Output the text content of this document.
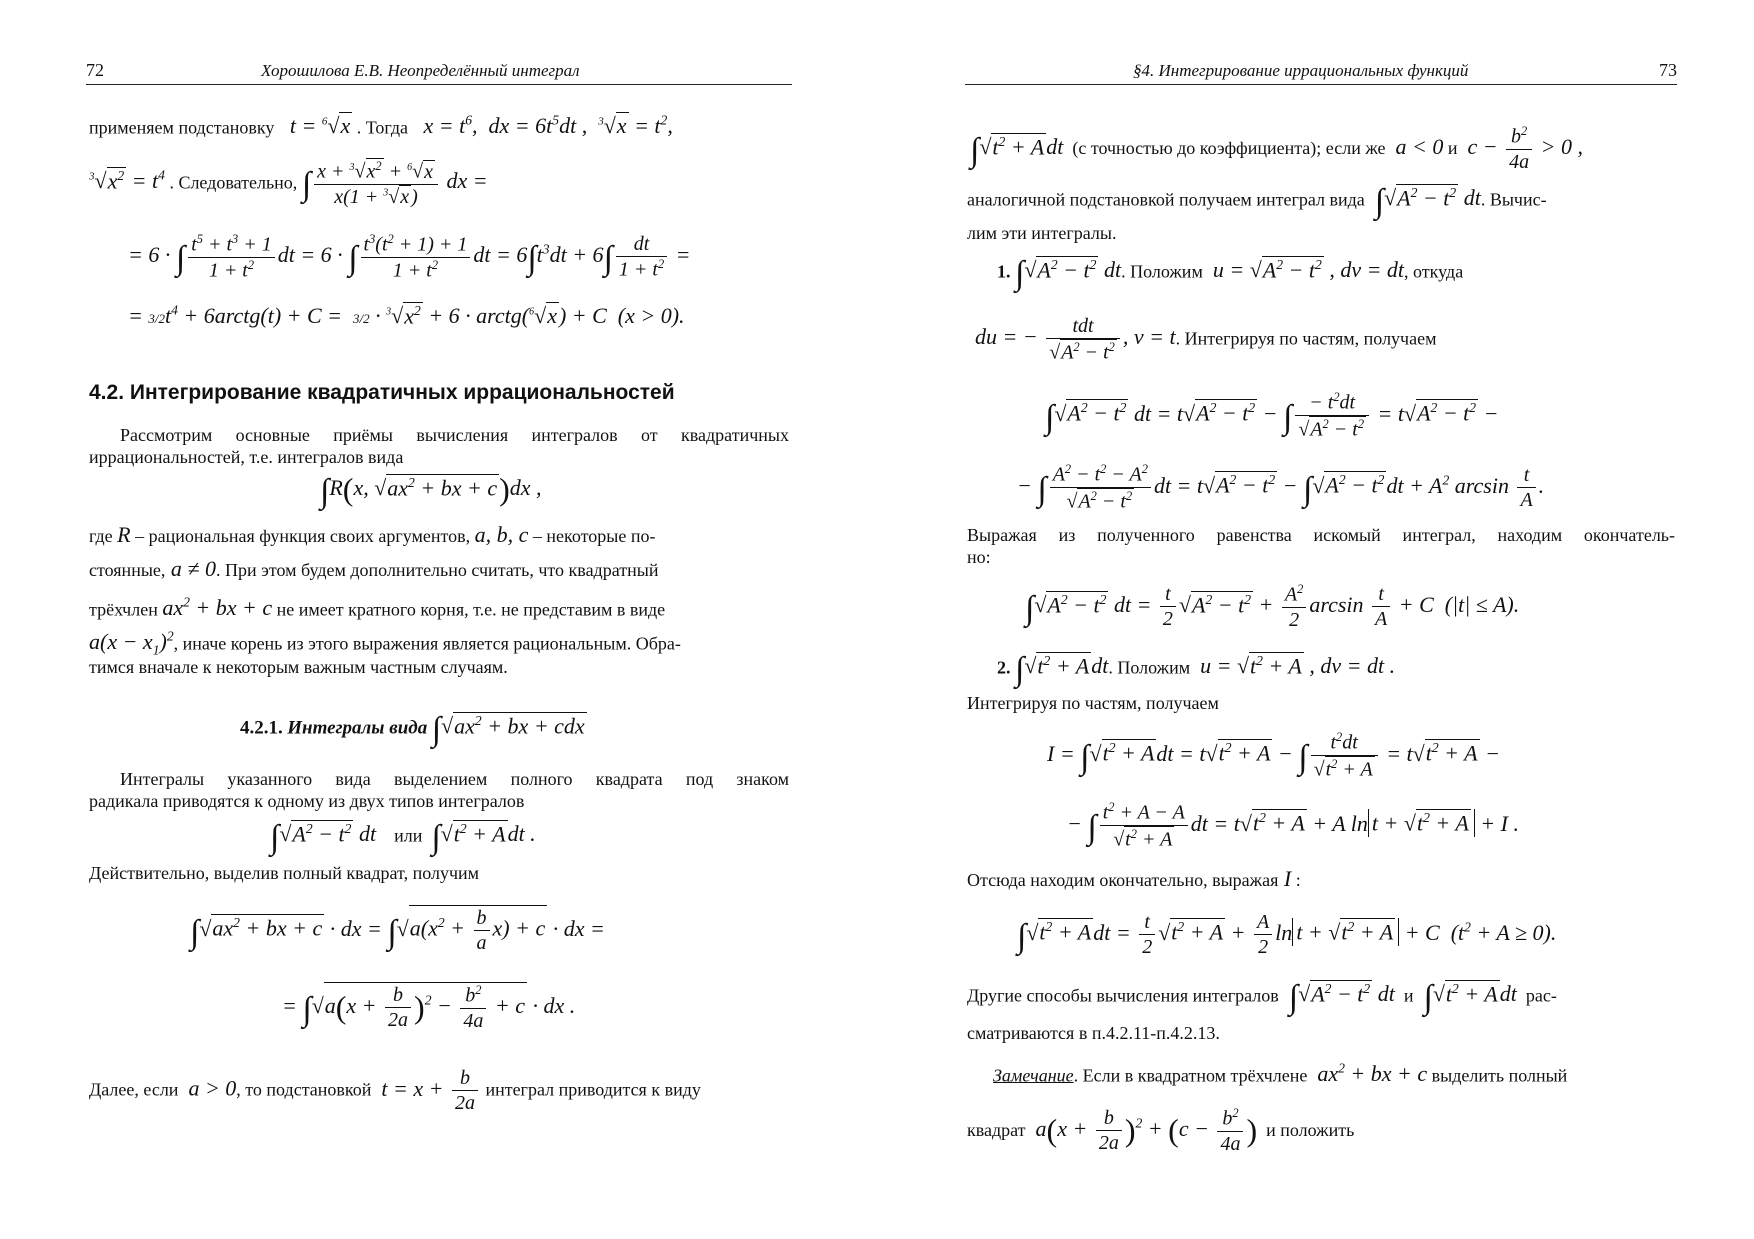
72	Хорошилова Е.В. Неопределённый интеграл
применяем подстановку   t = $^6$√x . Тогда   $x = t^6$,  dx = $6t^5dt$ ,  $^3√x = t^2$,
$^3√x^2 = t^4$ . Следовательно, ∫ $\frac{x + ^3√x^2 + ^6√x}{x(1 + ^3√x )}$ dx =
= 6 · ∫ $\frac{t^5 + t^3 + 1}{1 + t^2}$ dt = 6 · ∫ $\frac{t^3(t^2 + 1) + 1}{1 + t^2}$ dt = $6\int t^3dt + 6\int \frac{dt}{1 + t^2}$ =
= $3/2t^4$ + 6arctg(t) + $C = 3/2 \cdot ^3√x^2 + 6$ · arctg($^6$√x) + C  (x > 0).
4.2. Интегрирование квадратичных иррациональностей
Рассмотрим основные приёмы вычисления интегралов от квадратичных
иррациональностей, т.е. интегралов вида
∫R(x, $√ax^2$ + bx + c)dx ,
где R – рациональная функция своих аргументов, a, b, c – некоторые по-
стоянные, a ≠ 0. При этом будем дополнительно считать, что квадратный
трёхчлен $ax^2$ + bx + c не имеет кратного корня, т.е. не представим в виде
$a(x - x_1)^2$, иначе корень из этого выражения является рациональным. Обра-
тимся вначале к некоторым важным частным случаям.
4.2.1. Интегралы вида $\int√ax^2$ + bx + cdx
Интегралы указанного вида выделением полного квадрата под знаком
радикала приводятся к одному из двух типов интегралов
$\int√A^2 - t^2$ dt или $\int√t^2$ + Adt .
Действительно, выделив полный квадрат, получим
$\int√ax^2$ + bx + c · dx = $\int√a(x^2 + \frac{b}{a} x) + c$ · dx =
= $\int√a(x + \frac{b}{2a} )^2 - \frac{b^2}{4a} + c$ · dx .
Далее, если  a > 0, то подстановкой  $t = x + \frac{b}{2a}$ интеграл приводится к виду
§4. Интегрирование иррациональных функций	73
$\int√t^2$ + Adt (с точностью до коэффициента); если же  a < 0 и  $c - \frac{b^2}{4a} > 0$ ,
аналогичной подстановкой получаем интеграл вида $\int√A^2 - t^2$ dt. Вычис-
лим эти интегралы.
1. $\int√A^2 - t^2$ dt. Положим  $u = √A^2 - t^2$ , dv = dt, откуда
du = − $\frac{\text{tdt}}{√A^2 - t^2}$ , v = t. Интегрируя по частям, получаем
$\int√A^2 - t^2$ dt = $t√A^2 - t^2$ − ∫ $\frac{- t^2dt}{√A^2 - t^2} = t√A^2 - t^2$ −
− ∫ $\frac{A^2 - t^2 - A^2}{√A^2 - t^2}$ dt = $t√A^2 - t^2 - \int√A^2 - t^2dt + A^2$ $\arcsin \frac{t}{A}$ .
Выражая из полученного равенства искомый интеграл, находим окончатель-
но:
$\int√A^2 - t^2$ dt = $\frac{t}{2} √A^2 - t^2 + \frac{A^2}{2}$ $\arcsin \frac{t}{A} + C$  (|t| ≤ A).
2. $\int√t^2$ + Adt. Положим  $u = √t^2 + A$ , dv = dt .
Интегрируя по частям, получаем
$I = \int√t^2$ + Adt = $t√t^2 + A$ − ∫ $\frac{t^2dt}{√t^2 + A} = t√t^2 + A$ −
− ∫ $\frac{t^2 + A - A}{√t^2 + A}$ dt = $t√t^2 + A + A$ $\ln t + √t^2 + A + I$ .
Отсюда находим окончательно, выражая I :
$\int√t^2$ + Adt = $\frac{t}{2} √t^2 + A + \frac{A}{2}$ $\ln t + √t^2 + A + C$  $(t^2 + A \ge 0)$.
Другие способы вычисления интегралов $\int√A^2 - t^2$ dt и $\int√t^2$ + Adt рас-
сматриваются в п.4.2.11-п.4.2.13.
Замечание. Если в квадратном трёхчлене  $ax^2$ + bx + c выделить полный
квадрат  $a(x + \frac{b}{2a} )^2 + (c - \frac{b^2}{4a}$ ) и положить
